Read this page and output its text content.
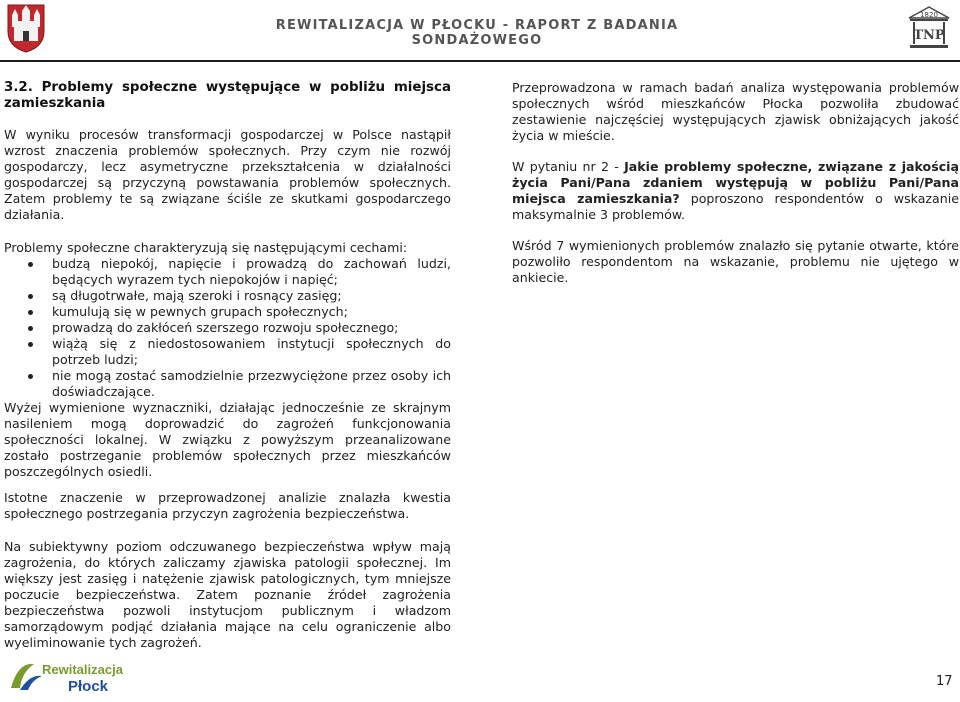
REWITALIZACJA W PŁOCKU - RAPORT Z BADANIA SONDAŻOWEGO
1820
TNP

3.2. Problemy społeczne występujące w pobliżu miejsca zamieszkania

W wyniku procesów transformacji gospodarczej w Polsce nastąpił wzrost znaczenia problemów społecznych. Przy czym nie rozwój gospodarczy, lecz asymetryczne przekształcenia w działalności gospodarczej są przyczyną powstawania problemów społecznych. Zatem problemy te są związane ściśle ze skutkami gospodarczego działania.

Problemy społeczne charakteryzują się następującymi cechami:

budzą niepokój, napięcie i prowadzą do zachowań ludzi, będących wyrazem tych niepokojów i napięć;
są długotrwałe, mają szeroki i rosnący zasięg;
kumulują się w pewnych grupach społecznych;
prowadzą do zakłóceń szerszego rozwoju społecznego;
wiążą się z niedostosowaniem instytucji społecznych do potrzeb ludzi;
nie mogą zostać samodzielnie przezwyciężone przez osoby ich doświadczające.

Wyżej wymienione wyznaczniki, działając jednocześnie ze skrajnym nasileniem mogą doprowadzić do zagrożeń funkcjonowania społeczności lokalnej. W związku z powyższym przeanalizowane zostało postrzeganie problemów społecznych przez mieszkańców poszczególnych osiedli.

Istotne znaczenie w przeprowadzonej analizie znalazła kwestia społecznego postrzegania przyczyn zagrożenia bezpieczeństwa.
Na subiektywny poziom odczuwanego bezpieczeństwa wpływ mają zagrożenia, do których zaliczamy zjawiska patologii społecznej. Im większy jest zasięg i natężenie zjawisk patologicznych, tym mniejsze poczucie bezpieczeństwa. Zatem poznanie źródeł zagrożenia bezpieczeństwa pozwoli instytucjom publicznym i władzom samorządowym podjąć działania mające na celu ograniczenie albo wyeliminowanie tych zagrożeń.

Przeprowadzona w ramach badań analiza występowania problemów społecznych wśród mieszkańców Płocka pozwoliła zbudować zestawienie najczęściej występujących zjawisk obniżających jakość życia w mieście.

W pytaniu nr 2 - Jakie problemy społeczne, związane z jakością życia Pani/Pana zdaniem występują w pobliżu Pani/Pana miejsca zamieszkania? poproszono respondentów o wskazanie maksymalnie 3 problemów.

Wśród 7 wymienionych problemów znalazło się pytanie otwarte, które pozwoliło respondentom na wskazanie, problemu nie ujętego w ankiecie.

Rewitalizacja
Płock	17
